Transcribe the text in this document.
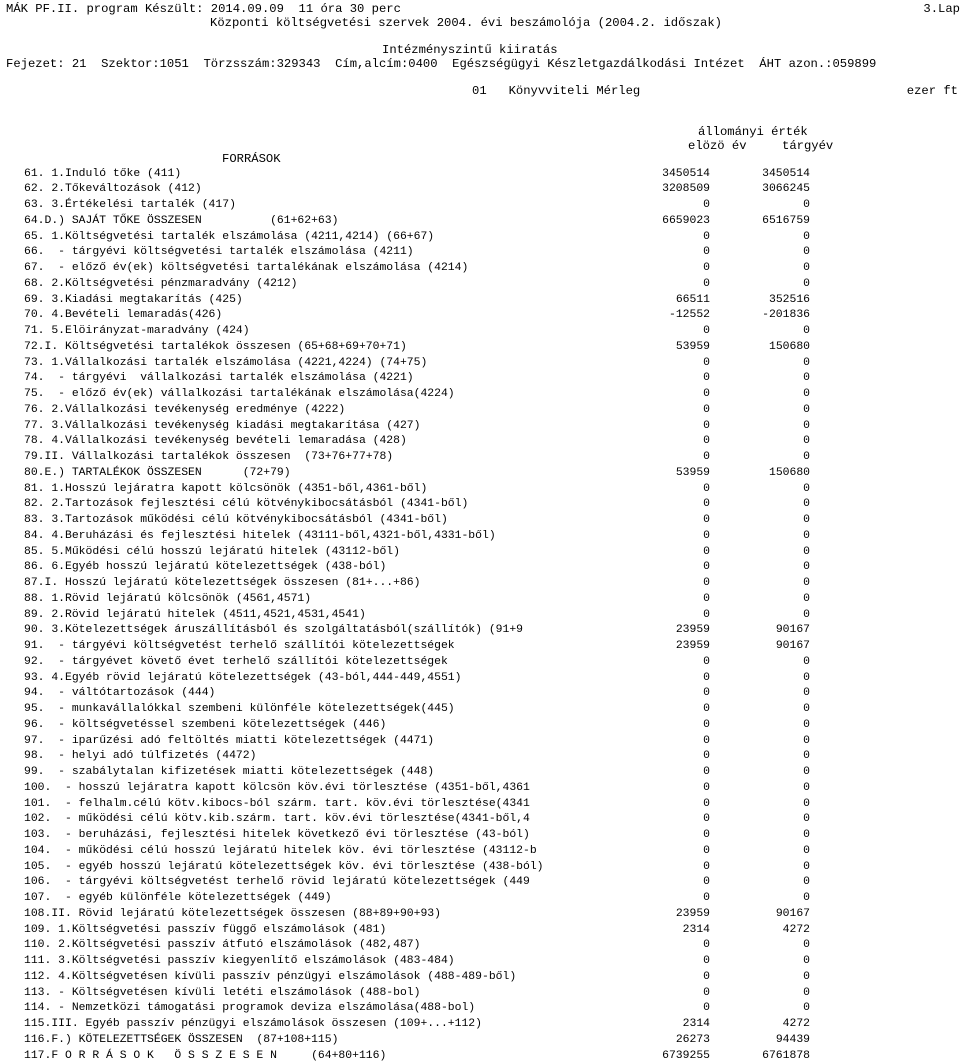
MÁK PF.II. program Készült: 2014.09.09  11 óra 30 perc	3.Lap
Központi költségvetési szervek 2004. évi beszámolója (2004.2. időszak)
Intézményszintű kiiratás
Fejezet: 21  Szektor:1051  Törzsszám:329343  Cím,alcím:0400  Egészségügyi Készletgazdálkodási Intézet  ÁHT azon.:059899
01   Könyvviteli Mérleg	ezer ft
állományi érték
elözö év	tárgyév
FORRÁSOK
61. 1.Induló tőke (411)	3450514	3450514
62. 2.Tőkeváltozások (412)	3208509	3066245
63. 3.Értékelési tartalék (417)	0	0
64.D.) SAJÁT TŐKE ÖSSZESEN          (61+62+63)	6659023	6516759
65. 1.Költségvetési tartalék elszámolása (4211,4214) (66+67)	0	0
66.  - tárgyévi költségvetési tartalék elszámolása (4211)	0	0
67.  - előző év(ek) költségvetési tartalékának elszámolása (4214)	0	0
68. 2.Költségvetési pénzmaradvány (4212)	0	0
69. 3.Kiadási megtakarítás (425)	66511	352516
70. 4.Bevételi lemaradás(426)	-12552	-201836
71. 5.Elöirányzat-maradvány (424)	0	0
72.I. Költségvetési tartalékok összesen (65+68+69+70+71)	53959	150680
73. 1.Vállalkozási tartalék elszámolása (4221,4224) (74+75)	0	0
74.  - tárgyévi  vállalkozási tartalék elszámolása (4221)	0	0
75.  - előző év(ek) vállalkozási tartalékának elszámolása(4224)	0	0
76. 2.Vállalkozási tevékenység eredménye (4222)	0	0
77. 3.Vállalkozási tevékenység kiadási megtakarítása (427)	0	0
78. 4.Vállalkozási tevékenység bevételi lemaradása (428)	0	0
79.II. Vállalkozási tartalékok összesen  (73+76+77+78)	0	0
80.E.) TARTALÉKOK ÖSSZESEN      (72+79)	53959	150680
81. 1.Hosszú lejáratra kapott kölcsönök (4351-ből,4361-ből)	0	0
82. 2.Tartozások fejlesztési célú kötvénykibocsátásból (4341-ből)	0	0
83. 3.Tartozások működési célú kötvénykibocsátásból (4341-ből)	0	0
84. 4.Beruházási és fejlesztési hitelek (43111-ből,4321-ből,4331-ből)	0	0
85. 5.Működési célú hosszú lejáratú hitelek (43112-ből)	0	0
86. 6.Egyéb hosszú lejáratú kötelezettségek (438-ból)	0	0
87.I. Hosszú lejáratú kötelezettségek összesen (81+...+86)	0	0
88. 1.Rövid lejáratú kölcsönök (4561,4571)	0	0
89. 2.Rövid lejáratú hitelek (4511,4521,4531,4541)	0	0
90. 3.Kötelezettségek áruszállításból és szolgáltatásból(szállítók) (91+9	23959	90167
91.  - tárgyévi költségvetést terhelő szállítói kötelezettségek	23959	90167
92.  - tárgyévet követő évet terhelő szállítói kötelezettségek	0	0
93. 4.Egyéb rövid lejáratú kötelezettségek (43-ból,444-449,4551)	0	0
94.  - váltótartozások (444)	0	0
95.  - munkavállalókkal szembeni különféle kötelezettségek(445)	0	0
96.  - költségvetéssel szembeni kötelezettségek (446)	0	0
97.  - iparűzési adó feltöltés miatti kötelezettségek (4471)	0	0
98.  - helyi adó túlfizetés (4472)	0	0
99.  - szabálytalan kifizetések miatti kötelezettségek (448)	0	0
100.  - hosszú lejáratra kapott kölcsön köv.évi törlesztése (4351-ből,4361	0	0
101.  - felhalm.célú kötv.kibocs-ból szárm. tart. köv.évi törlesztése(4341	0	0
102.  - működési célú kötv.kib.szárm. tart. köv.évi törlesztése(4341-ből,4	0	0
103.  - beruházási, fejlesztési hitelek következő évi törlesztése (43-ból)	0	0
104.  - működési célú hosszú lejáratú hitelek köv. évi törlesztése (43112-b	0	0
105.  - egyéb hosszú lejáratú kötelezettségek köv. évi törlesztése (438-ból)	0	0
106.  - tárgyévi költségvetést terhelő rövid lejáratú kötelezettségek (449	0	0
107.  - egyéb különféle kötelezettségek (449)	0	0
108.II. Rövid lejáratú kötelezettségek összesen (88+89+90+93)	23959	90167
109. 1.Költségvetési passzív függő elszámolások (481)	2314	4272
110. 2.Költségvetési passzív átfutó elszámolások (482,487)	0	0
111. 3.Költségvetési passzív kiegyenlítő elszámolások (483-484)	0	0
112. 4.Költségvetésen kívüli passzív pénzügyi elszámolások (488-489-ből)	0	0
113. - Költségvetésen kívüli letéti elszámolások (488-bol)	0	0
114. - Nemzetközi támogatási programok deviza elszámolása(488-bol)	0	0
115.III. Egyéb passzív pénzügyi elszámolások összesen (109+...+112)	2314	4272
116.F.) KÖTELEZETTSÉGEK ÖSSZESEN  (87+108+115)	26273	94439
117.F O R R Á S O K   Ö S S Z E S E N     (64+80+116)	6739255	6761878
